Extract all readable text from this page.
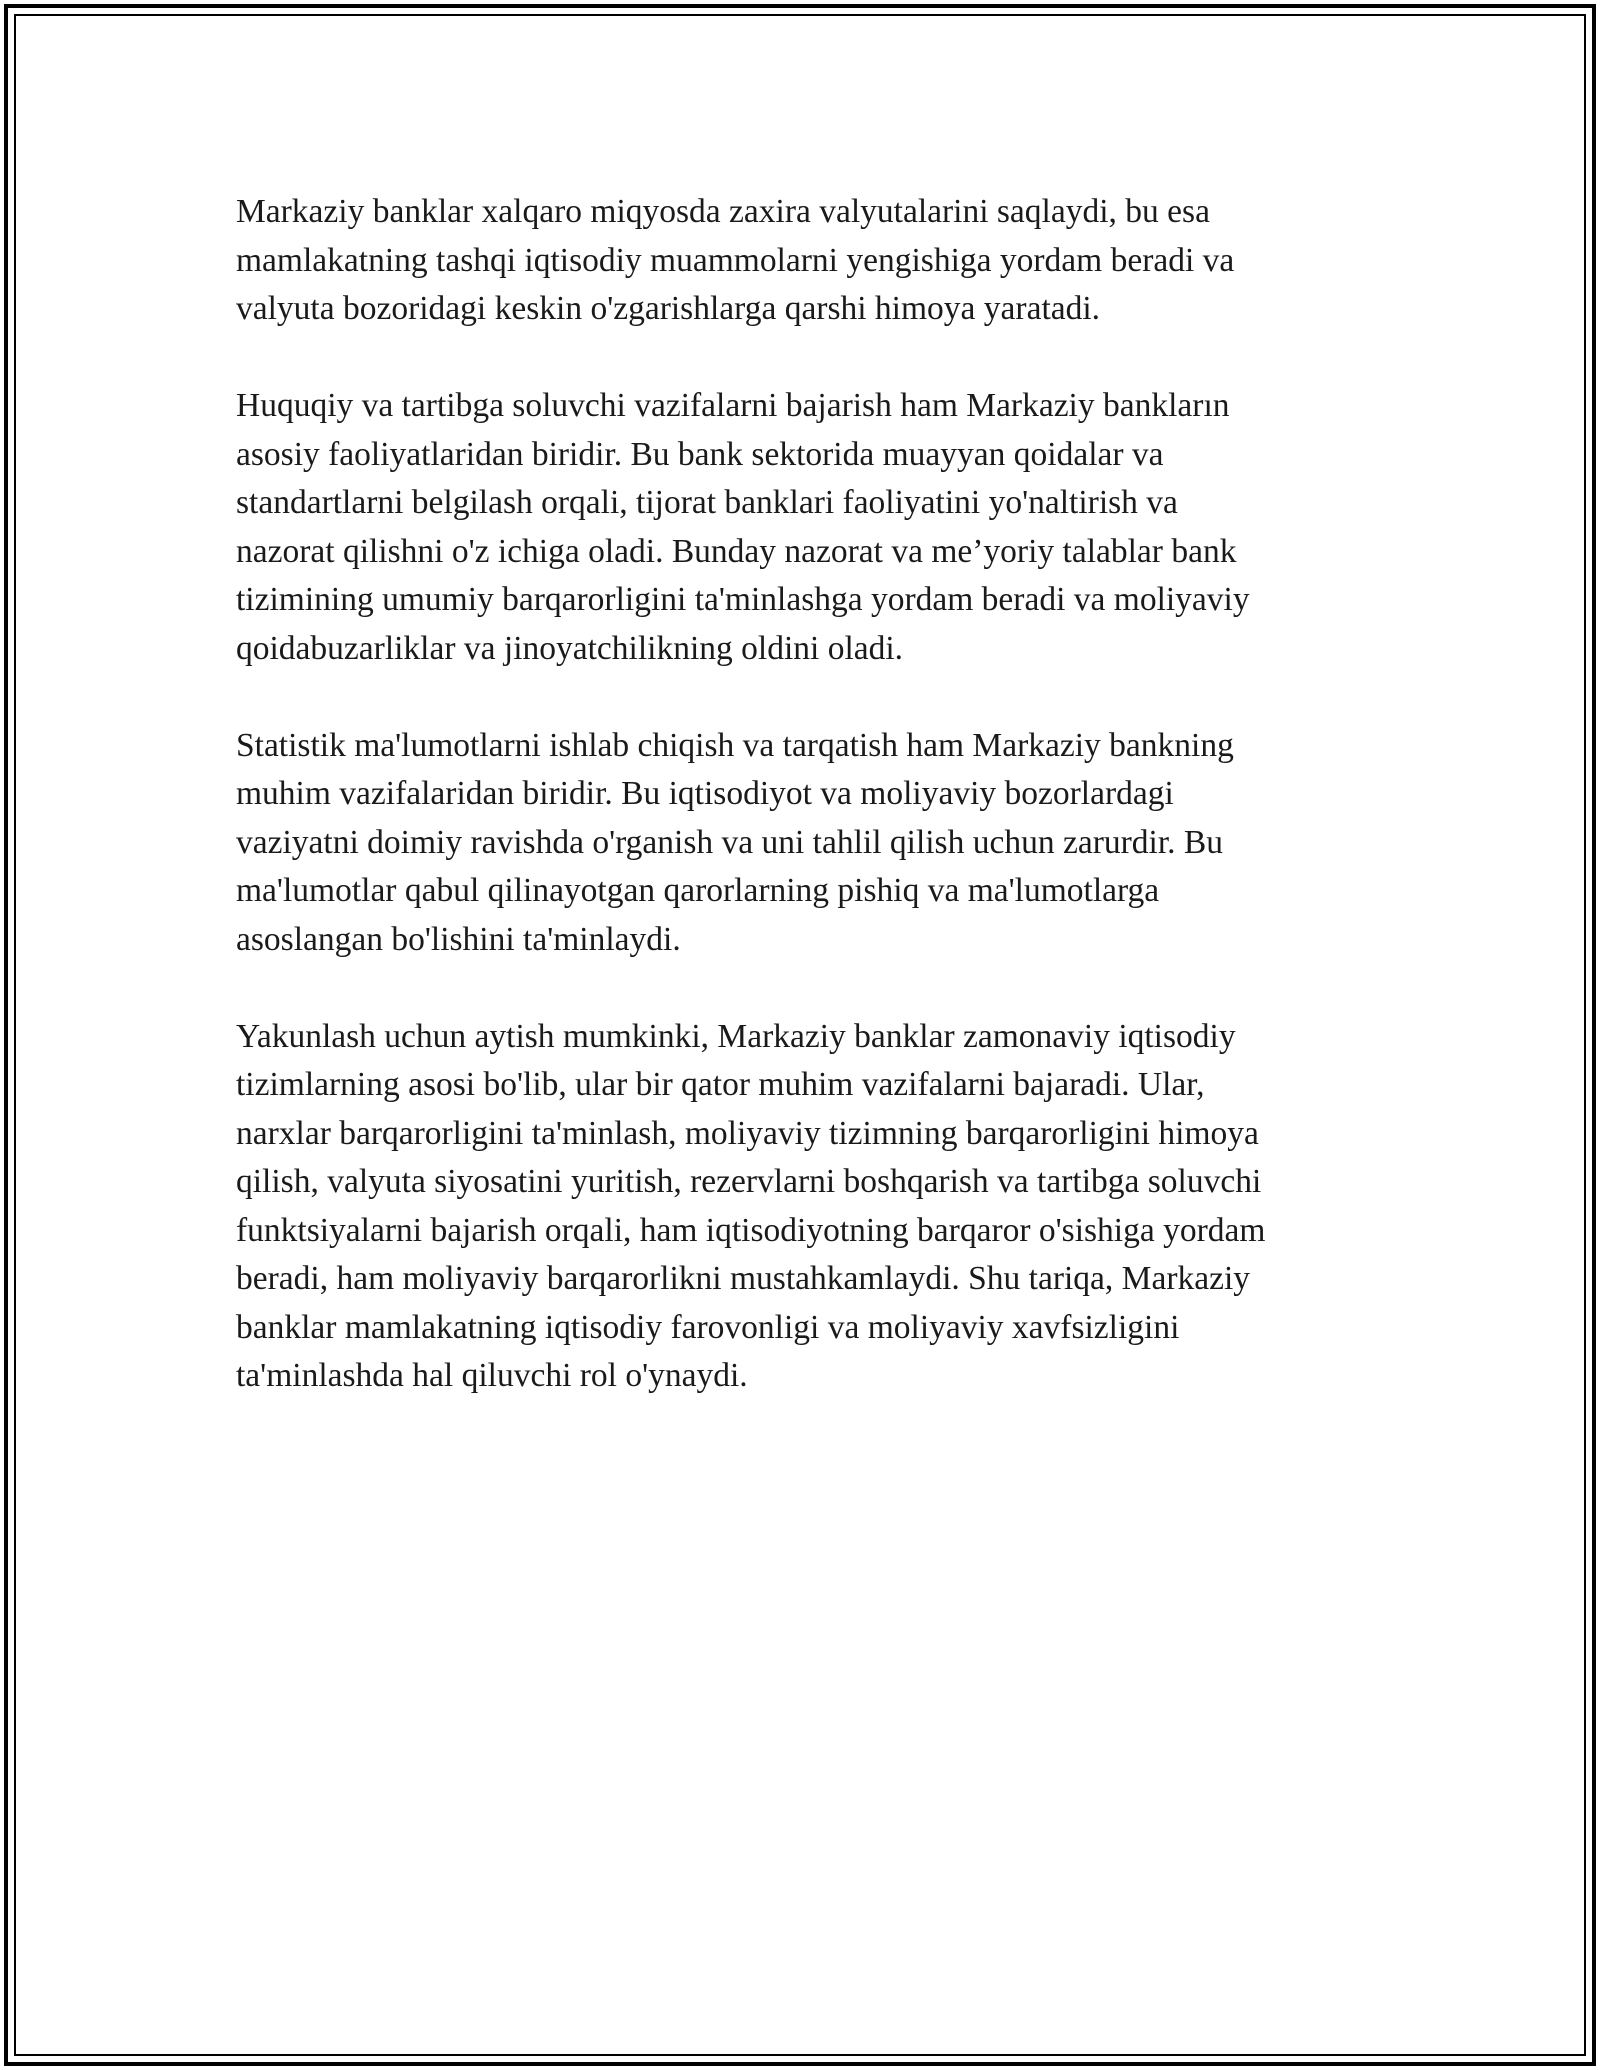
Markaziy banklar xalqaro miqyosda zaxira valyutalarini saqlaydi, bu esa
mamlakatning tashqi iqtisodiy muammolarni yengishiga yordam beradi va
valyuta bozoridagi keskin o'zgarishlarga qarshi himoya yaratadi.

Huquqiy va tartibga soluvchi vazifalarni bajarish ham Markaziy bankların
asosiy faoliyatlaridan biridir. Bu bank sektorida muayyan qoidalar va
standartlarni belgilash orqali, tijorat banklari faoliyatini yo'naltirish va
nazorat qilishni o'z ichiga oladi. Bunday nazorat va me’yoriy talablar bank
tizimining umumiy barqarorligini ta'minlashga yordam beradi va moliyaviy
qoidabuzarliklar va jinoyatchilikning oldini oladi.

Statistik ma'lumotlarni ishlab chiqish va tarqatish ham Markaziy bankning
muhim vazifalaridan biridir. Bu iqtisodiyot va moliyaviy bozorlardagi
vaziyatni doimiy ravishda o'rganish va uni tahlil qilish uchun zarurdir. Bu
ma'lumotlar qabul qilinayotgan qarorlarning pishiq va ma'lumotlarga
asoslangan bo'lishini ta'minlaydi.

Yakunlash uchun aytish mumkinki, Markaziy banklar zamonaviy iqtisodiy
tizimlarning asosi bo'lib, ular bir qator muhim vazifalarni bajaradi. Ular,
narxlar barqarorligini ta'minlash, moliyaviy tizimning barqarorligini himoya
qilish, valyuta siyosatini yuritish, rezervlarni boshqarish va tartibga soluvchi
funktsiyalarni bajarish orqali, ham iqtisodiyotning barqaror o'sishiga yordam
beradi, ham moliyaviy barqarorlikni mustahkamlaydi. Shu tariqa, Markaziy
banklar mamlakatning iqtisodiy farovonligi va moliyaviy xavfsizligini
ta'minlashda hal qiluvchi rol o'ynaydi.
